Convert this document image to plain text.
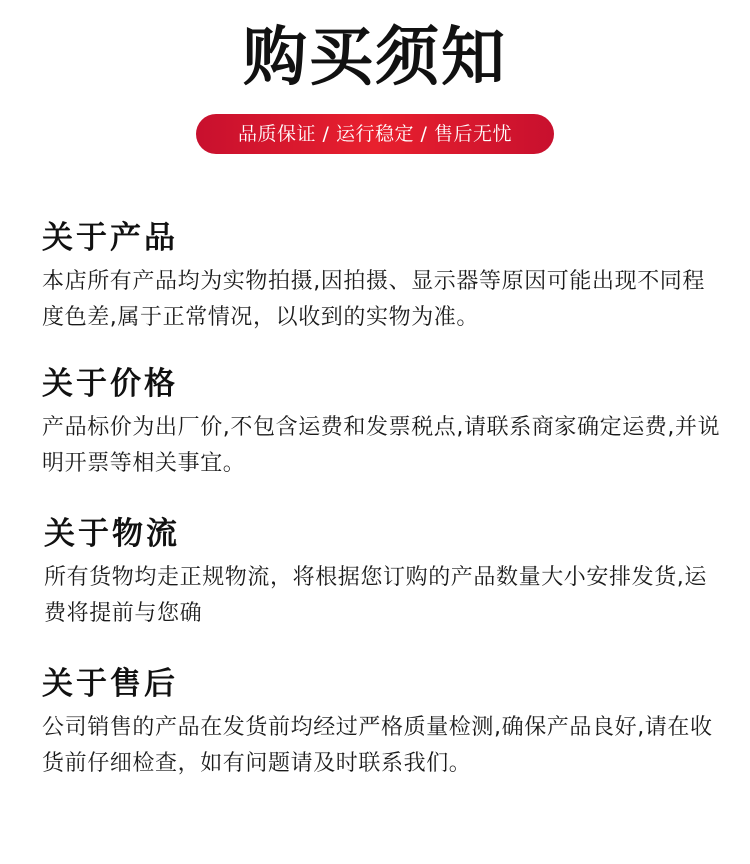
购买须知
品质保证 / 运行稳定 / 售后无忧
关于产品
本店所有产品均为实物拍摄,因拍摄、显示器等原因可能出现不同程度色差,属于正常情况，以收到的实物为准。
关于价格
产品标价为出厂价,不包含运费和发票税点,请联系商家确定运费,并说明开票等相关事宜。
关于物流
所有货物均走正规物流，将根据您订购的产品数量大小安排发货,运费将提前与您确
关于售后
公司销售的产品在发货前均经过严格质量检测,确保产品良好,请在收货前仔细检查，如有问题请及时联系我们。
